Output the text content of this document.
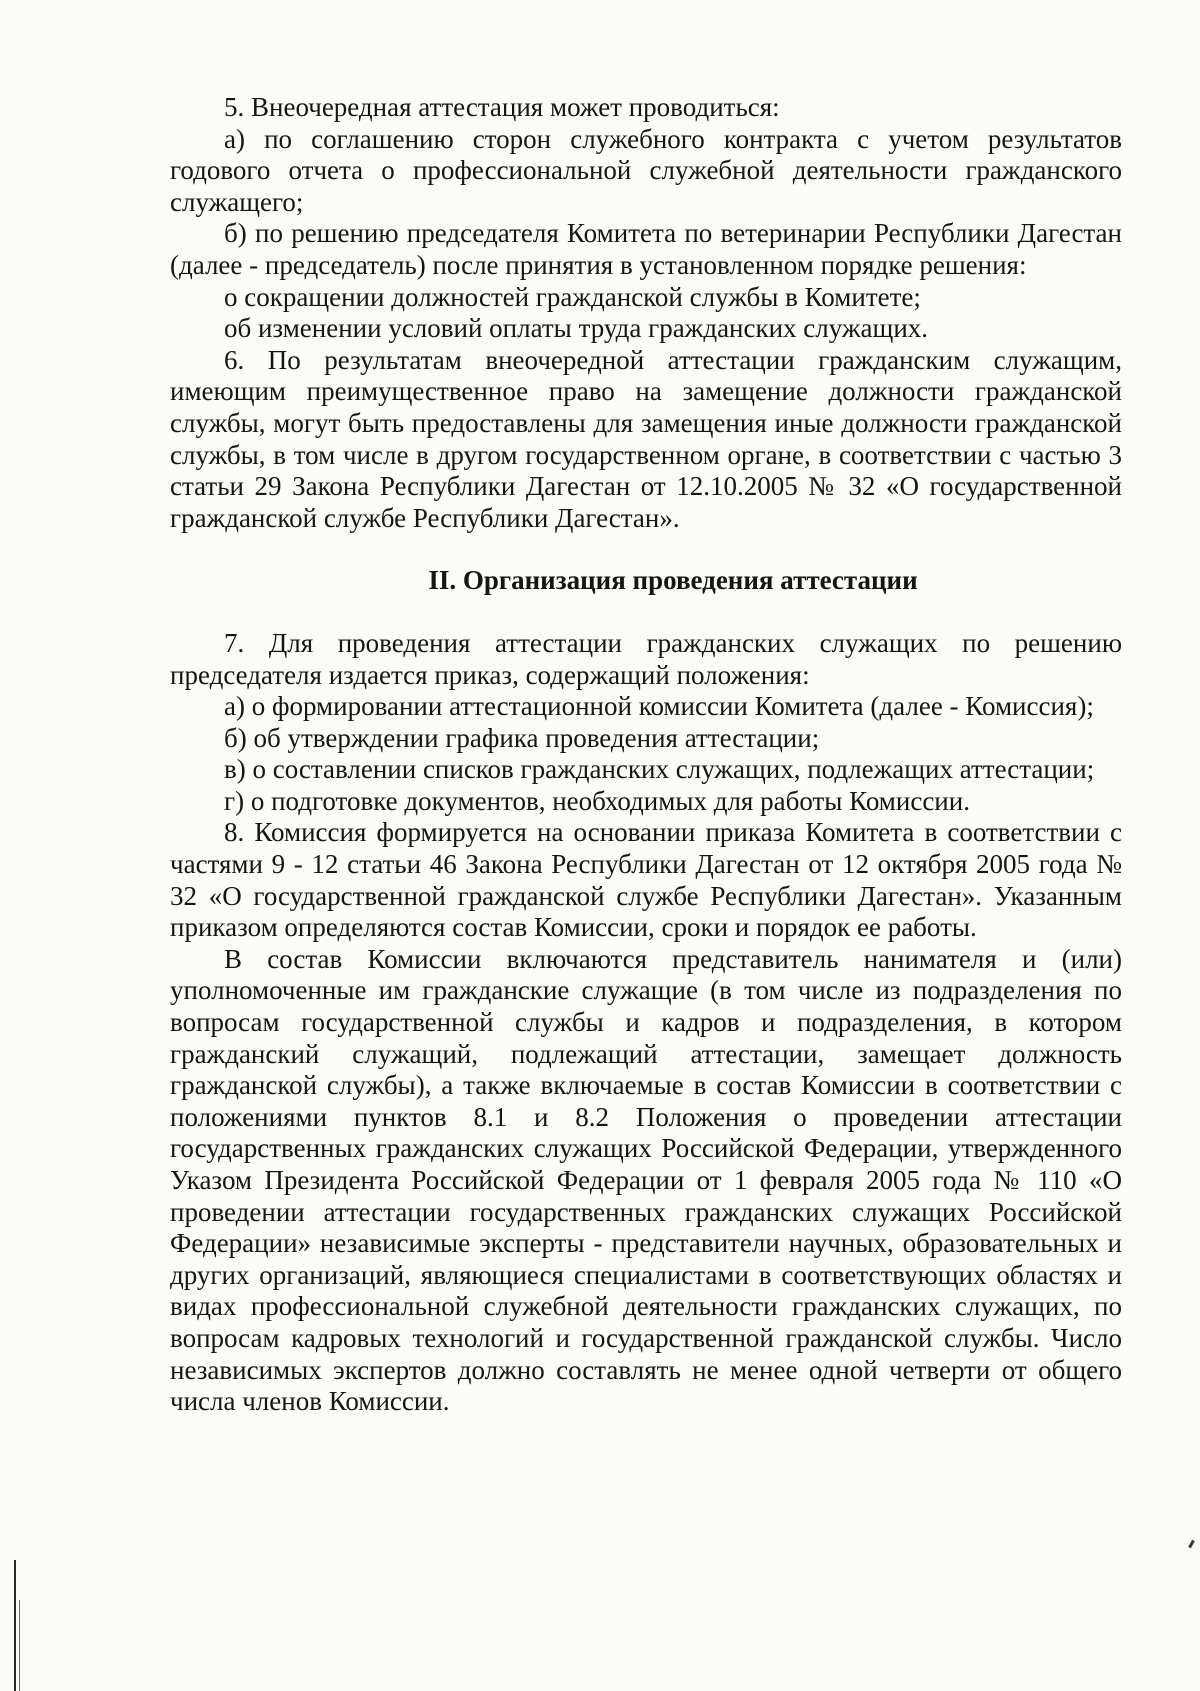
5. Внеочередная аттестация может проводиться:

а) по соглашению сторон служебного контракта с учетом результатов годового отчета о профессиональной служебной деятельности гражданского служащего;

б) по решению председателя Комитета по ветеринарии Республики Дагестан (далее - председатель) после принятия в установленном порядке решения:

о сокращении должностей гражданской службы в Комитете;

об изменении условий оплаты труда гражданских служащих.

6. По результатам внеочередной аттестации гражданским служащим, имеющим преимущественное право на замещение должности гражданской службы, могут быть предоставлены для замещения иные должности гражданской службы, в том числе в другом государственном органе, в соответствии с частью 3 статьи 29 Закона Республики Дагестан от 12.10.2005 № 32 «О государственной гражданской службе Республики Дагестан».

II. Организация проведения аттестации

7. Для проведения аттестации гражданских служащих по решению председателя издается приказ, содержащий положения:

а) о формировании аттестационной комиссии Комитета (далее - Комиссия);

б) об утверждении графика проведения аттестации;

в) о составлении списков гражданских служащих, подлежащих аттестации;

г) о подготовке документов, необходимых для работы Комиссии.

8. Комиссия формируется на основании приказа Комитета в соответствии с частями 9 - 12 статьи 46 Закона Республики Дагестан от 12 октября 2005 года № 32 «О государственной гражданской службе Республики Дагестан». Указанным приказом определяются состав Комиссии, сроки и порядок ее работы.

В состав Комиссии включаются представитель нанимателя и (или) уполномоченные им гражданские служащие (в том числе из подразделения по вопросам государственной службы и кадров и подразделения, в котором гражданский служащий, подлежащий аттестации, замещает должность гражданской службы), а также включаемые в состав Комиссии в соответствии с положениями пунктов 8.1 и 8.2 Положения о проведении аттестации государственных гражданских служащих Российской Федерации, утвержденного Указом Президента Российской Федерации от 1 февраля 2005 года № 110 «О проведении аттестации государственных гражданских служащих Российской Федерации» независимые эксперты - представители научных, образовательных и других организаций, являющиеся специалистами в соответствующих областях и видах профессиональной служебной деятельности гражданских служащих, по вопросам кадровых технологий и государственной гражданской службы. Число независимых экспертов должно составлять не менее одной четверти от общего числа членов Комиссии.
